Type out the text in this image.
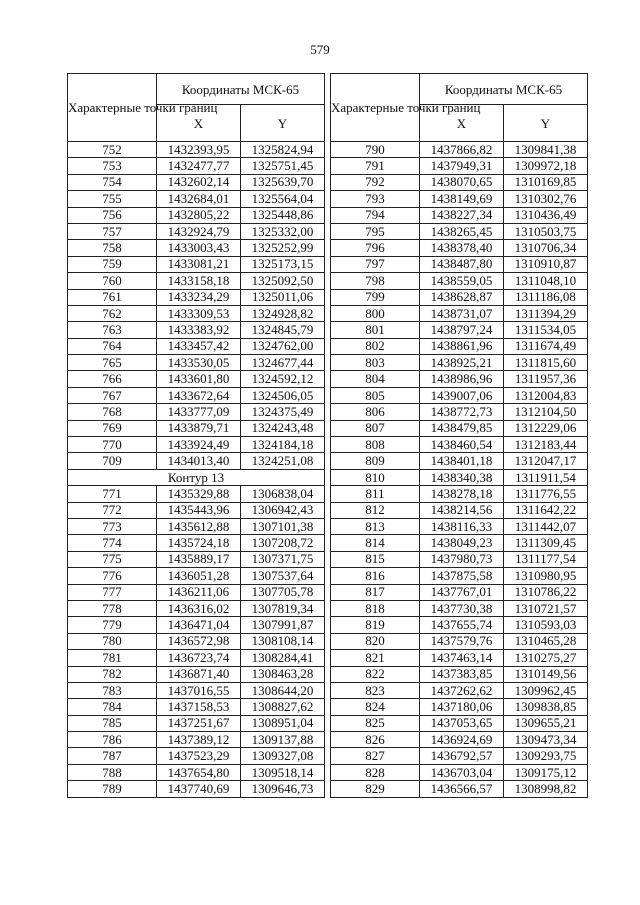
579
Характерные точки границ	Координаты МСК-65	
	X	Y
752	1432393,95	1325824,94
753	1432477,77	1325751,45
754	1432602,14	1325639,70
755	1432684,01	1325564,04
756	1432805,22	1325448,86
757	1432924,79	1325332,00
758	1433003,43	1325252,99
759	1433081,21	1325173,15
760	1433158,18	1325092,50
761	1433234,29	1325011,06
762	1433309,53	1324928,82
763	1433383,92	1324845,79
764	1433457,42	1324762,00
765	1433530,05	1324677,44
766	1433601,80	1324592,12
767	1433672,64	1324506,05
768	1433777,09	1324375,49
769	1433879,71	1324243,48
770	1433924,49	1324184,18
709	1434013,40	1324251,08
Контур 13		
771	1435329,88	1306838,04
772	1435443,96	1306942,43
773	1435612,88	1307101,38
774	1435724,18	1307208,72
775	1435889,17	1307371,75
776	1436051,28	1307537,64
777	1436211,06	1307705,78
778	1436316,02	1307819,34
779	1436471,04	1307991,87
780	1436572,98	1308108,14
781	1436723,74	1308284,41
782	1436871,40	1308463,28
783	1437016,55	1308644,20
784	1437158,53	1308827,62
785	1437251,67	1308951,04
786	1437389,12	1309137,88
787	1437523,29	1309327,08
788	1437654,80	1309518,14
789	1437740,69	1309646,73
Характерные точки границ	Координаты МСК-65	
	X	Y
790	1437866,82	1309841,38
791	1437949,31	1309972,18
792	1438070,65	1310169,85
793	1438149,69	1310302,76
794	1438227,34	1310436,49
795	1438265,45	1310503,75
796	1438378,40	1310706,34
797	1438487,80	1310910,87
798	1438559,05	1311048,10
799	1438628,87	1311186,08
800	1438731,07	1311394,29
801	1438797,24	1311534,05
802	1438861,96	1311674,49
803	1438925,21	1311815,60
804	1438986,96	1311957,36
805	1439007,06	1312004,83
806	1438772,73	1312104,50
807	1438479,85	1312229,06
808	1438460,54	1312183,44
809	1438401,18	1312047,17
810	1438340,38	1311911,54
811	1438278,18	1311776,55
812	1438214,56	1311642,22
813	1438116,33	1311442,07
814	1438049,23	1311309,45
815	1437980,73	1311177,54
816	1437875,58	1310980,95
817	1437767,01	1310786,22
818	1437730,38	1310721,57
819	1437655,74	1310593,03
820	1437579,76	1310465,28
821	1437463,14	1310275,27
822	1437383,85	1310149,56
823	1437262,62	1309962,45
824	1437180,06	1309838,85
825	1437053,65	1309655,21
826	1436924,69	1309473,34
827	1436792,57	1309293,75
828	1436703,04	1309175,12
829	1436566,57	1308998,82
